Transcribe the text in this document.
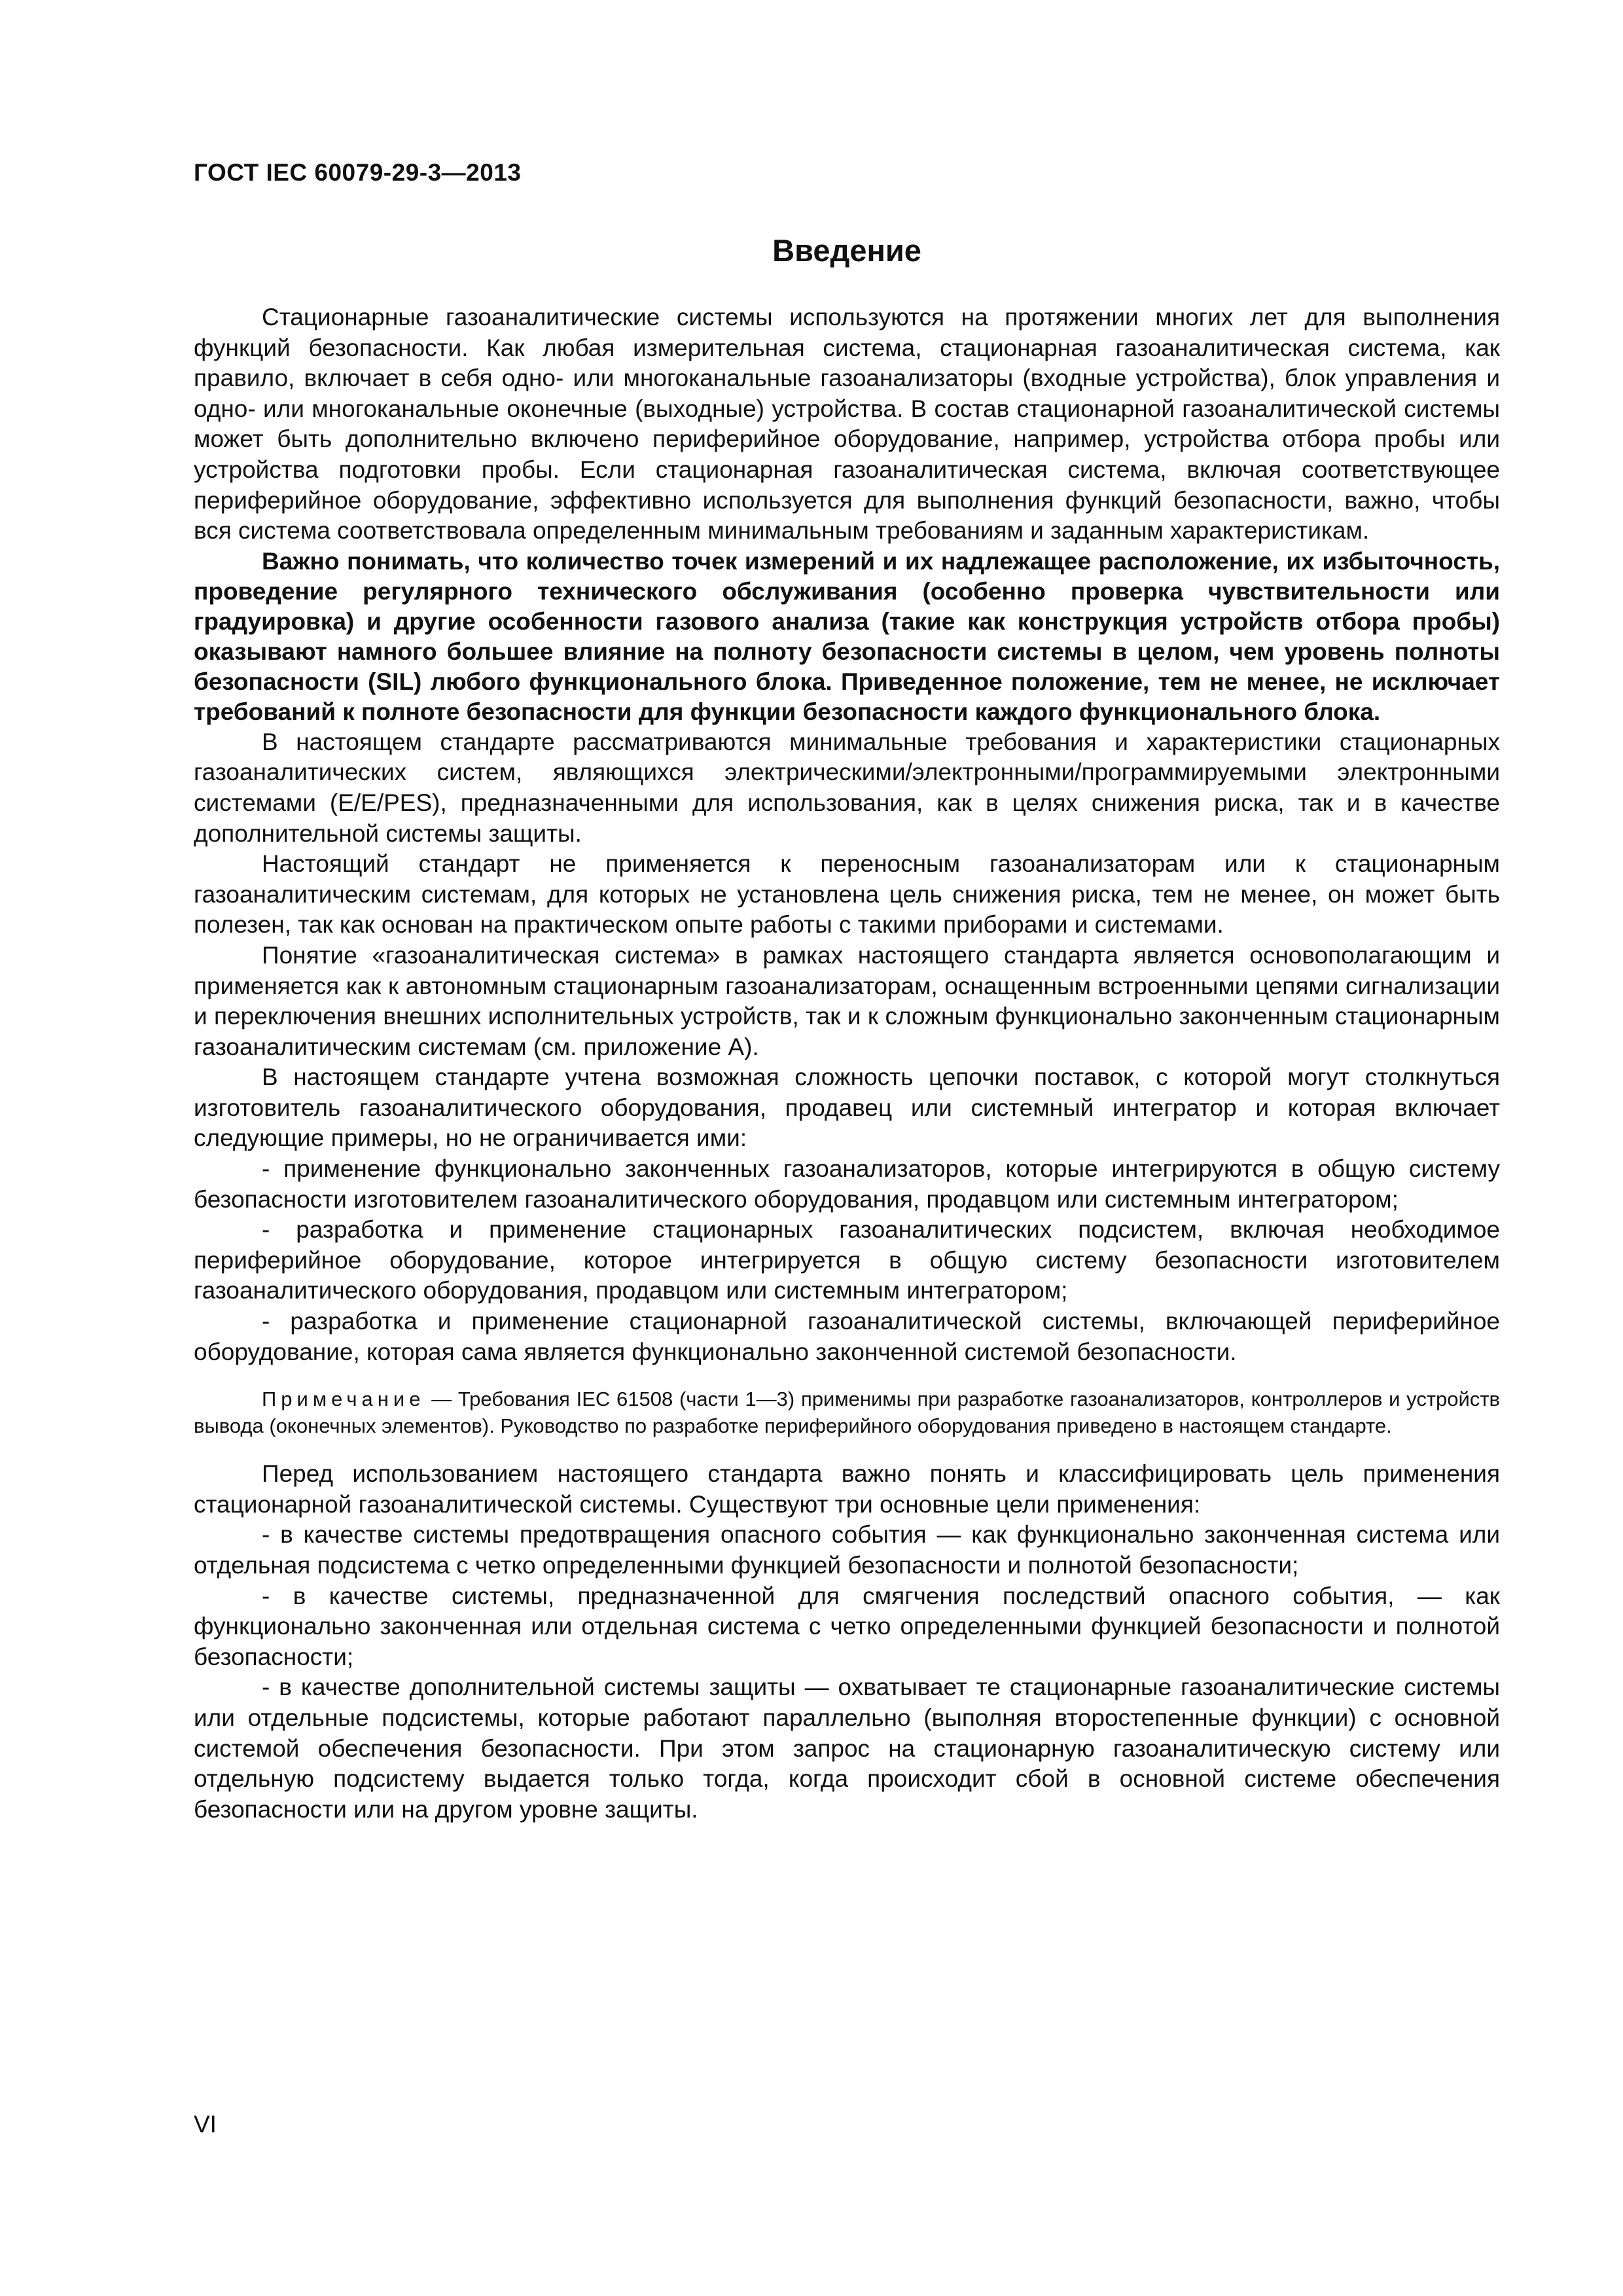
ГОСТ IEC 60079-29-3—2013

Введение

Стационарные газоаналитические системы используются на протяжении многих лет для выполнения функций безопасности. Как любая измерительная система, стационарная газоаналитическая система, как правило, включает в себя одно- или многоканальные газоанализаторы (входные устройства), блок управления и одно- или многоканальные оконечные (выходные) устройства. В состав стационарной газоаналитической системы может быть дополнительно включено периферийное оборудование, например, устройства отбора пробы или устройства подготовки пробы. Если стационарная газоаналитическая система, включая соответствующее периферийное оборудование, эффективно используется для выполнения функций безопасности, важно, чтобы вся система соответствовала определенным минимальным требованиям и заданным характеристикам.

Важно понимать, что количество точек измерений и их надлежащее расположение, их избыточность, проведение регулярного технического обслуживания (особенно проверка чувствительности или градуировка) и другие особенности газового анализа (такие как конструкция устройств отбора пробы) оказывают намного большее влияние на полноту безопасности системы в целом, чем уровень полноты безопасности (SIL) любого функционального блока. Приведенное положение, тем не менее, не исключает требований к полноте безопасности для функции безопасности каждого функционального блока.

В настоящем стандарте рассматриваются минимальные требования и характеристики стационарных газоаналитических систем, являющихся электрическими/электронными/программируемыми электронными системами (E/E/PES), предназначенными для использования, как в целях снижения риска, так и в качестве дополнительной системы защиты.

Настоящий стандарт не применяется к переносным газоанализаторам или к стационарным газоаналитическим системам, для которых не установлена цель снижения риска, тем не менее, он может быть полезен, так как основан на практическом опыте работы с такими приборами и системами.

Понятие «газоаналитическая система» в рамках настоящего стандарта является основополагающим и применяется как к автономным стационарным газоанализаторам, оснащенным встроенными цепями сигнализации и переключения внешних исполнительных устройств, так и к сложным функционально законченным стационарным газоаналитическим системам (см. приложение А).

В настоящем стандарте учтена возможная сложность цепочки поставок, с которой могут столкнуться изготовитель газоаналитического оборудования, продавец или системный интегратор и которая включает следующие примеры, но не ограничивается ими:

- применение функционально законченных газоанализаторов, которые интегрируются в общую систему безопасности изготовителем газоаналитического оборудования, продавцом или системным интегратором;

- разработка и применение стационарных газоаналитических подсистем, включая необходимое периферийное оборудование, которое интегрируется в общую систему безопасности изготовителем газоаналитического оборудования, продавцом или системным интегратором;

- разработка и применение стационарной газоаналитической системы, включающей периферийное оборудование, которая сама является функционально законченной системой безопасности.

Примечание — Требования IEC 61508 (части 1—3) применимы при разработке газоанализаторов, контроллеров и устройств вывода (оконечных элементов). Руководство по разработке периферийного оборудования приведено в настоящем стандарте.

Перед использованием настоящего стандарта важно понять и классифицировать цель применения стационарной газоаналитической системы. Существуют три основные цели применения:

- в качестве системы предотвращения опасного события — как функционально законченная система или отдельная подсистема с четко определенными функцией безопасности и полнотой безопасности;

- в качестве системы, предназначенной для смягчения последствий опасного события, — как функционально законченная или отдельная система с четко определенными функцией безопасности и полнотой безопасности;

- в качестве дополнительной системы защиты — охватывает те стационарные газоаналитические системы или отдельные подсистемы, которые работают параллельно (выполняя второстепенные функции) с основной системой обеспечения безопасности. При этом запрос на стационарную газоаналитическую систему или отдельную подсистему выдается только тогда, когда происходит сбой в основной системе обеспечения безопасности или на другом уровне защиты.

VI
